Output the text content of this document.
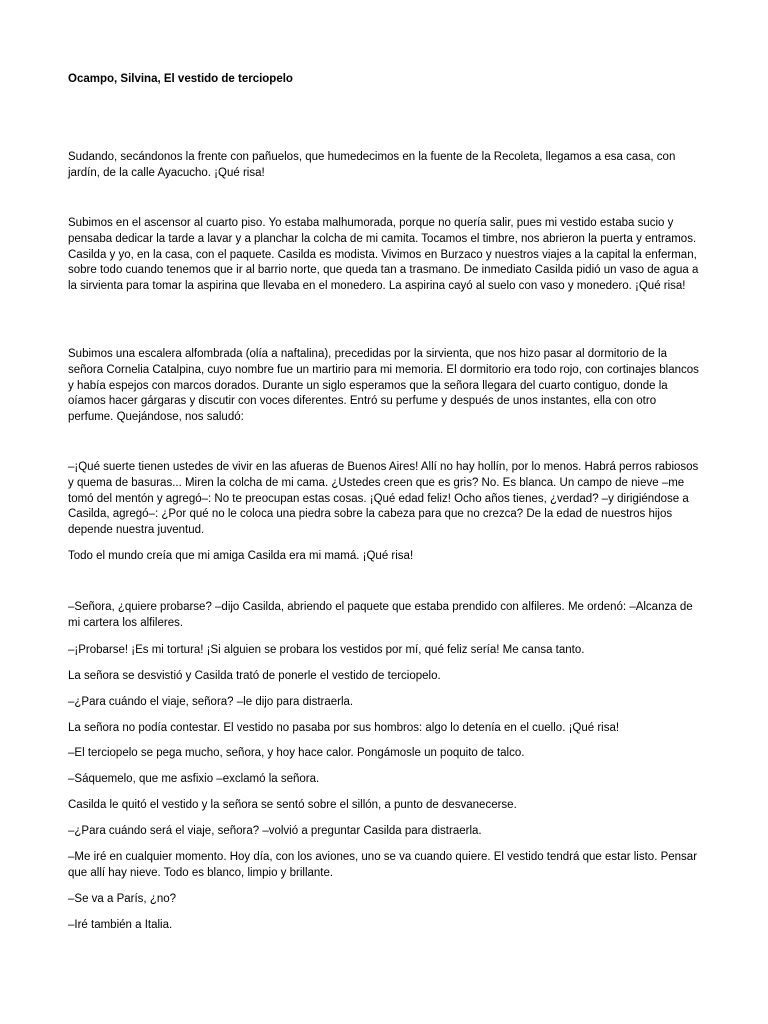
Ocampo, Silvina, El vestido de terciopelo

Sudando, secándonos la frente con pañuelos, que humedecimos en la fuente de la Recoleta, llegamos a esa casa, con jardín, de la calle Ayacucho. ¡Qué risa!

Subimos en el ascensor al cuarto piso. Yo estaba malhumorada, porque no quería salir, pues mi vestido estaba sucio y pensaba dedicar la tarde a lavar y a planchar la colcha de mi camita. Tocamos el timbre, nos abrieron la puerta y entramos. Casilda y yo, en la casa, con el paquete. Casilda es modista. Vivimos en Burzaco y nuestros viajes a la capital la enferman, sobre todo cuando tenemos que ir al barrio norte, que queda tan a trasmano. De inmediato Casilda pidió un vaso de agua a la sirvienta para tomar la aspirina que llevaba en el monedero. La aspirina cayó al suelo con vaso y monedero. ¡Qué risa!

Subimos una escalera alfombrada (olía a naftalina), precedidas por la sirvienta, que nos hizo pasar al dormitorio de la señora Cornelia Catalpina, cuyo nombre fue un martirio para mi memoria. El dormitorio era todo rojo, con cortinajes blancos y había espejos con marcos dorados. Durante un siglo esperamos que la señora llegara del cuarto contiguo, donde la oíamos hacer gárgaras y discutir con voces diferentes. Entró su perfume y después de unos instantes, ella con otro perfume. Quejándose, nos saludó:

–¡Qué suerte tienen ustedes de vivir en las afueras de Buenos Aires! Allí no hay hollín, por lo menos. Habrá perros rabiosos y quema de basuras... Miren la colcha de mi cama. ¿Ustedes creen que es gris? No. Es blanca. Un campo de nieve –me tomó del mentón y agregó–: No te preocupan estas cosas. ¡Qué edad feliz! Ocho años tienes, ¿verdad? –y dirigiéndose a Casilda, agregó–: ¿Por qué no le coloca una piedra sobre la cabeza para que no crezca? De la edad de nuestros hijos depende nuestra juventud.

Todo el mundo creía que mi amiga Casilda era mi mamá. ¡Qué risa!

–Señora, ¿quiere probarse? –dijo Casilda, abriendo el paquete que estaba prendido con alfileres. Me ordenó: –Alcanza de mi cartera los alfileres.

–¡Probarse! ¡Es mi tortura! ¡Si alguien se probara los vestidos por mí, qué feliz sería! Me cansa tanto.

La señora se desvistió y Casilda trató de ponerle el vestido de terciopelo.

–¿Para cuándo el viaje, señora? –le dijo para distraerla.

La señora no podía contestar. El vestido no pasaba por sus hombros: algo lo detenía en el cuello. ¡Qué risa!

–El terciopelo se pega mucho, señora, y hoy hace calor. Pongámosle un poquito de talco.

–Sáquemelo, que me asfixio –exclamó la señora.

Casilda le quitó el vestido y la señora se sentó sobre el sillón, a punto de desvanecerse.

–¿Para cuándo será el viaje, señora? –volvió a preguntar Casilda para distraerla.

–Me iré en cualquier momento. Hoy día, con los aviones, uno se va cuando quiere. El vestido tendrá que estar listo. Pensar que allí hay nieve. Todo es blanco, limpio y brillante.

–Se va a París, ¿no?

–Iré también a Italia.
